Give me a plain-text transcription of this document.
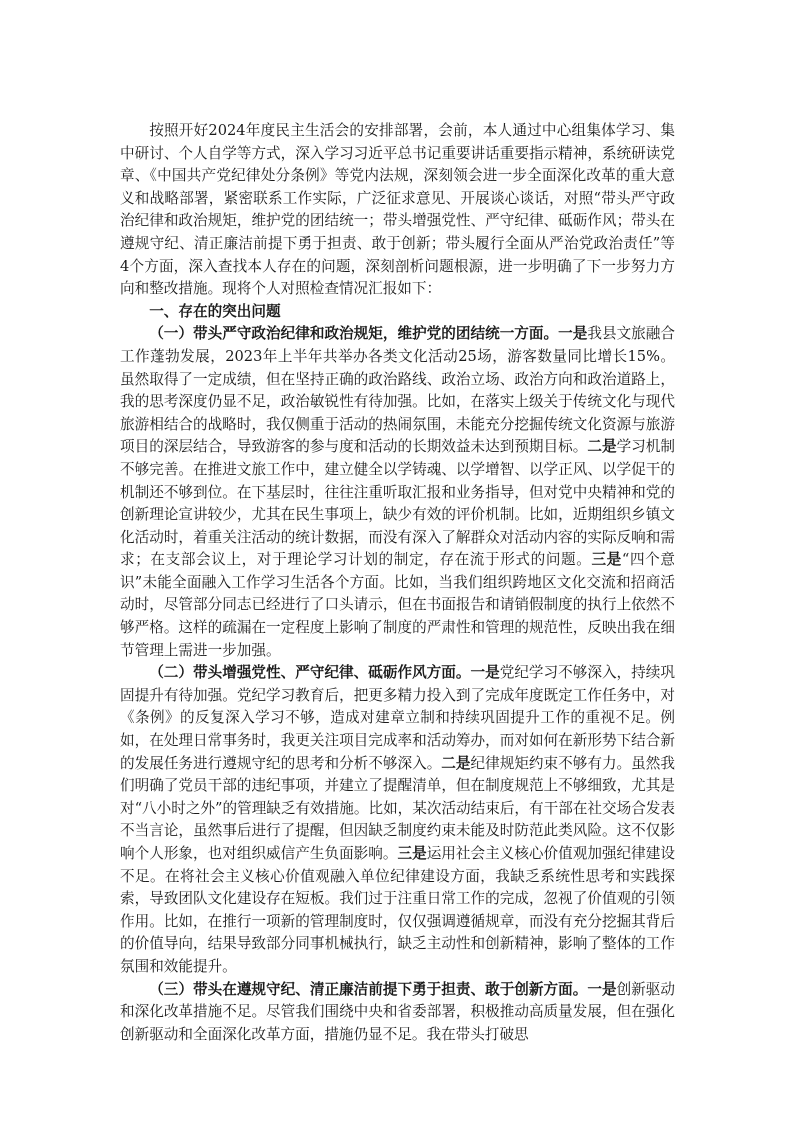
按照开好2024年度民主生活会的安排部署，会前，本人通过中心组集体学习、集中研讨、个人自学等方式，深入学习习近平总书记重要讲话重要指示精神，系统研读党章、《中国共产党纪律处分条例》等党内法规，深刻领会进一步全面深化改革的重大意义和战略部署，紧密联系工作实际，广泛征求意见、开展谈心谈话，对照“带头严守政治纪律和政治规矩，维护党的团结统一；带头增强党性、严守纪律、砥砺作风；带头在遵规守纪、清正廉洁前提下勇于担责、敢于创新；带头履行全面从严治党政治责任”等4个方面，深入查找本人存在的问题，深刻剖析问题根源，进一步明确了下一步努力方向和整改措施。现将个人对照检查情况汇报如下：

一、存在的突出问题

（一）带头严守政治纪律和政治规矩，维护党的团结统一方面。一是我县文旅融合工作蓬勃发展，2023年上半年共举办各类文化活动25场，游客数量同比增长15%。虽然取得了一定成绩，但在坚持正确的政治路线、政治立场、政治方向和政治道路上，我的思考深度仍显不足，政治敏锐性有待加强。比如，在落实上级关于传统文化与现代旅游相结合的战略时，我仅侧重于活动的热闹氛围，未能充分挖掘传统文化资源与旅游项目的深层结合，导致游客的参与度和活动的长期效益未达到预期目标。二是学习机制不够完善。在推进文旅工作中，建立健全以学铸魂、以学增智、以学正风、以学促干的机制还不够到位。在下基层时，往往注重听取汇报和业务指导，但对党中央精神和党的创新理论宣讲较少，尤其在民生事项上，缺少有效的评价机制。比如，近期组织乡镇文化活动时，着重关注活动的统计数据，而没有深入了解群众对活动内容的实际反响和需求；在支部会议上，对于理论学习计划的制定，存在流于形式的问题。三是“四个意识”未能全面融入工作学习生活各个方面。比如，当我们组织跨地区文化交流和招商活动时，尽管部分同志已经进行了口头请示，但在书面报告和请销假制度的执行上依然不够严格。这样的疏漏在一定程度上影响了制度的严肃性和管理的规范性，反映出我在细节管理上需进一步加强。

（二）带头增强党性、严守纪律、砥砺作风方面。一是党纪学习不够深入，持续巩固提升有待加强。党纪学习教育后，把更多精力投入到了完成年度既定工作任务中，对《条例》的反复深入学习不够，造成对建章立制和持续巩固提升工作的重视不足。例如，在处理日常事务时，我更关注项目完成率和活动筹办，而对如何在新形势下结合新的发展任务进行遵规守纪的思考和分析不够深入。二是纪律规矩约束不够有力。虽然我们明确了党员干部的违纪事项，并建立了提醒清单，但在制度规范上不够细致，尤其是对“八小时之外”的管理缺乏有效措施。比如，某次活动结束后，有干部在社交场合发表不当言论，虽然事后进行了提醒，但因缺乏制度约束未能及时防范此类风险。这不仅影响个人形象，也对组织威信产生负面影响。三是运用社会主义核心价值观加强纪律建设不足。在将社会主义核心价值观融入单位纪律建设方面，我缺乏系统性思考和实践探索，导致团队文化建设存在短板。我们过于注重日常工作的完成，忽视了价值观的引领作用。比如，在推行一项新的管理制度时，仅仅强调遵循规章，而没有充分挖掘其背后的价值导向，结果导致部分同事机械执行，缺乏主动性和创新精神，影响了整体的工作氛围和效能提升。

（三）带头在遵规守纪、清正廉洁前提下勇于担责、敢于创新方面。一是创新驱动和深化改革措施不足。尽管我们围绕中央和省委部署，积极推动高质量发展，但在强化创新驱动和全面深化改革方面，措施仍显不足。我在带头打破思
